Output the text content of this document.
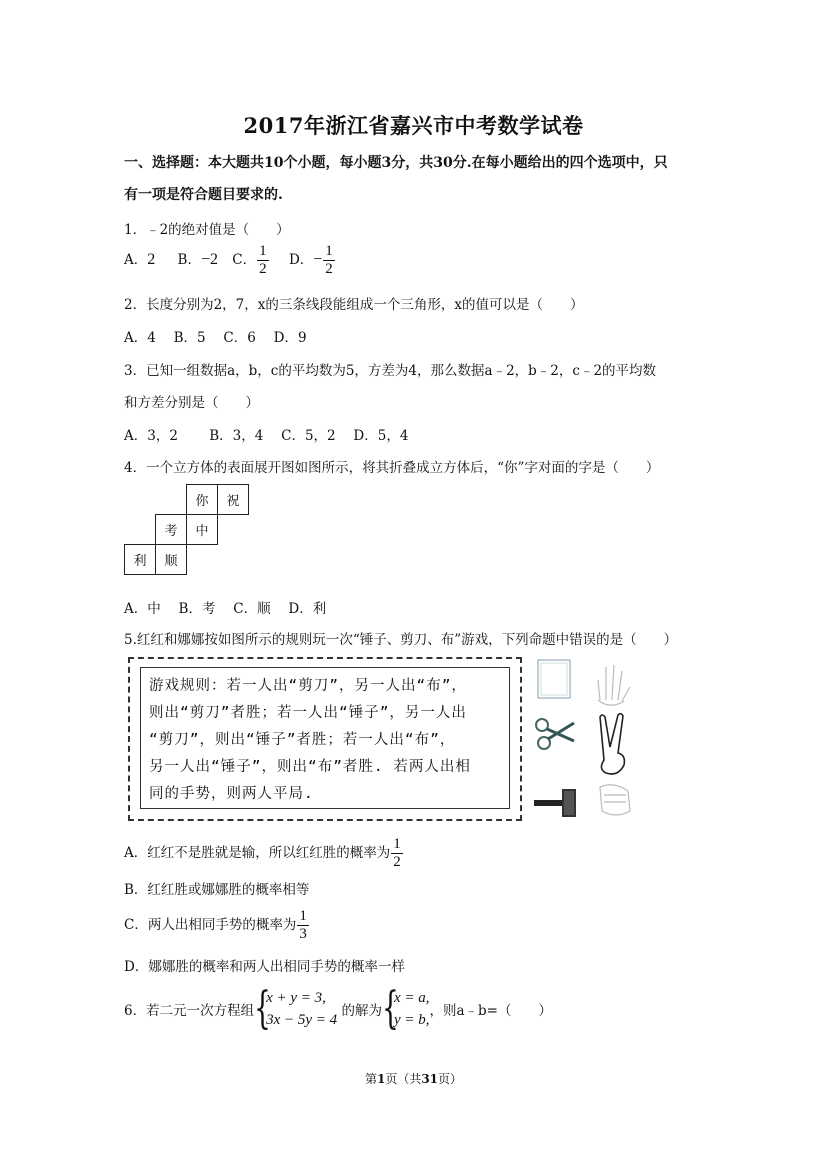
2017年浙江省嘉兴市中考数学试卷
一、选择题：本大题共10个小题，每小题3分，共30分.在每小题给出的四个选项中，只
有一项是符合题目要求的.
1．﹣2的绝对值是（　　）
A．2 B．−2 C． $\frac{1}{2}$ D．− $\frac{1}{2}$
2．长度分别为2，7，x的三条线段能组成一个三角形，x的值可以是（　　）
A．4　 B．5　 C．6　 D．9
3．已知一组数据a，b，c的平均数为5，方差为4，那么数据a﹣2，b﹣2，c﹣2的平均数
和方差分别是（　　）
A．3，2　　 B．3，4　 C．5，2　 D．5，4
4．一个立方体的表面展开图如图所示，将其折叠成立方体后，“你”字对面的字是（　　）
		你	祝
	考	中	
利	顺		
A．中　 B．考　 C．顺　 D．利
5.红红和娜娜按如图所示的规则玩一次“锤子、剪刀、布”游戏，下列命题中错误的是（　　）
游戏规则：若一人出“剪刀”，另一人出“布”，
则出“剪刀”者胜；若一人出“锤子”，另一人出
“剪刀”，则出“锤子”者胜；若一人出“布”，
另一人出“锤子”，则出“布”者胜. 若两人出相
同的手势，则两人平局.
A．红红不是胜就是输，所以红红胜的概率为 $\frac{1}{2}$
B．红红胜或娜娜胜的概率相等
C．两人出相同手势的概率为 $\frac{1}{3}$
D．娜娜胜的概率和两人出相同手势的概率一样
6．若二元一次方程组 {
x + y = 3,
3x − 5y = 4
的解为 {
x = a,
y = b,
，则a﹣b=（　　）
第1页（共31页）
